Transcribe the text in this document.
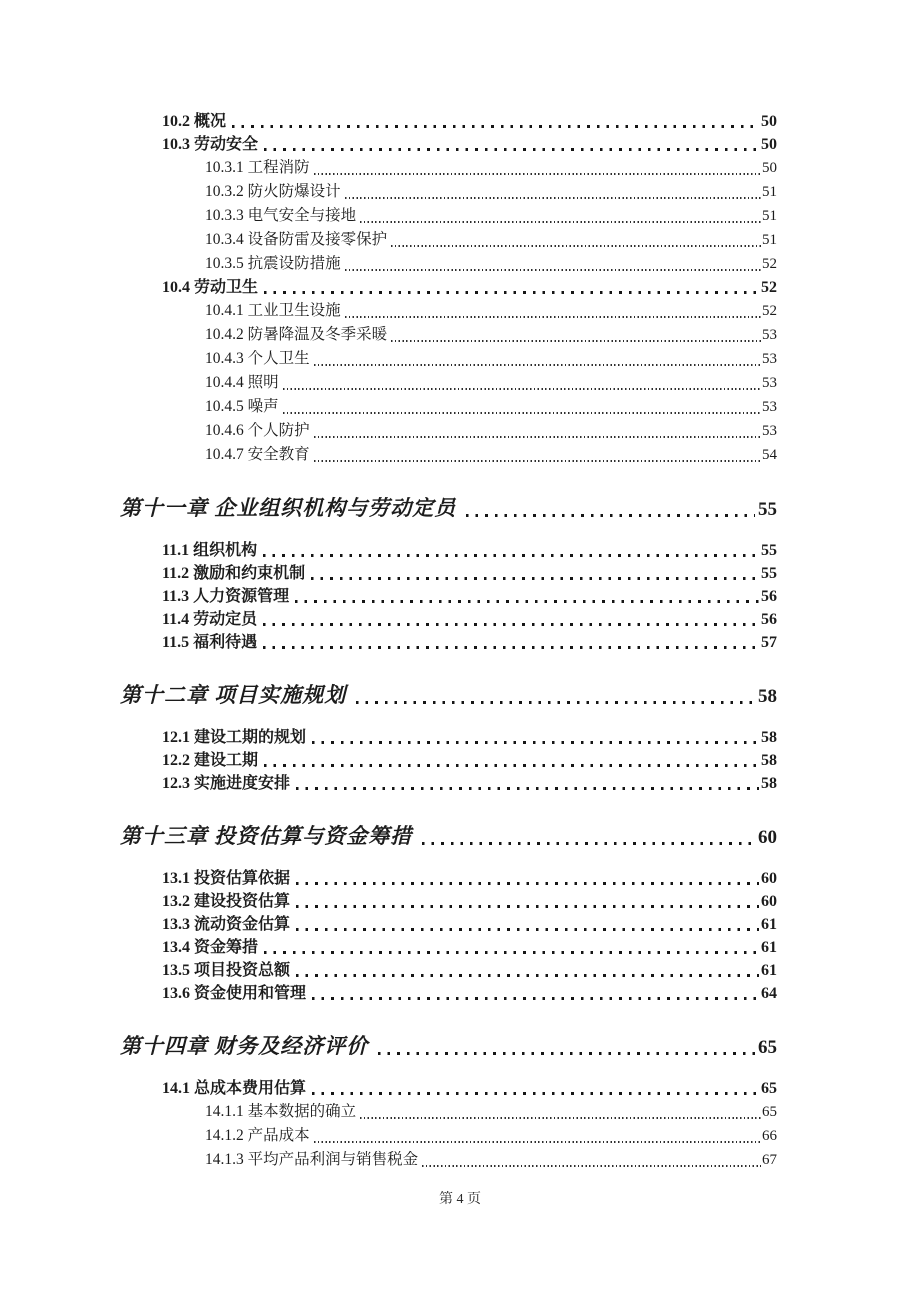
10.2 概况	50
10.3 劳动安全	50
10.3.1 工程消防	50
10.3.2 防火防爆设计	51
10.3.3 电气安全与接地	51
10.3.4 设备防雷及接零保护	51
10.3.5 抗震设防措施	52
10.4 劳动卫生	52
10.4.1 工业卫生设施	52
10.4.2 防暑降温及冬季采暖	53
10.4.3 个人卫生	53
10.4.4 照明	53
10.4.5 噪声	53
10.4.6 个人防护	53
10.4.7 安全教育	54
第十一章 企业组织机构与劳动定员	55
11.1 组织机构	55
11.2 激励和约束机制	55
11.3 人力资源管理	56
11.4 劳动定员	56
11.5 福利待遇	57
第十二章 项目实施规划	58
12.1 建设工期的规划	58
12.2 建设工期	58
12.3 实施进度安排	58
第十三章 投资估算与资金筹措	60
13.1 投资估算依据	60
13.2 建设投资估算	60
13.3 流动资金估算	61
13.4 资金筹措	61
13.5 项目投资总额	61
13.6 资金使用和管理	64
第十四章 财务及经济评价	65
14.1 总成本费用估算	65
14.1.1 基本数据的确立	65
14.1.2 产品成本	66
14.1.3 平均产品利润与销售税金	67
第 4 页
